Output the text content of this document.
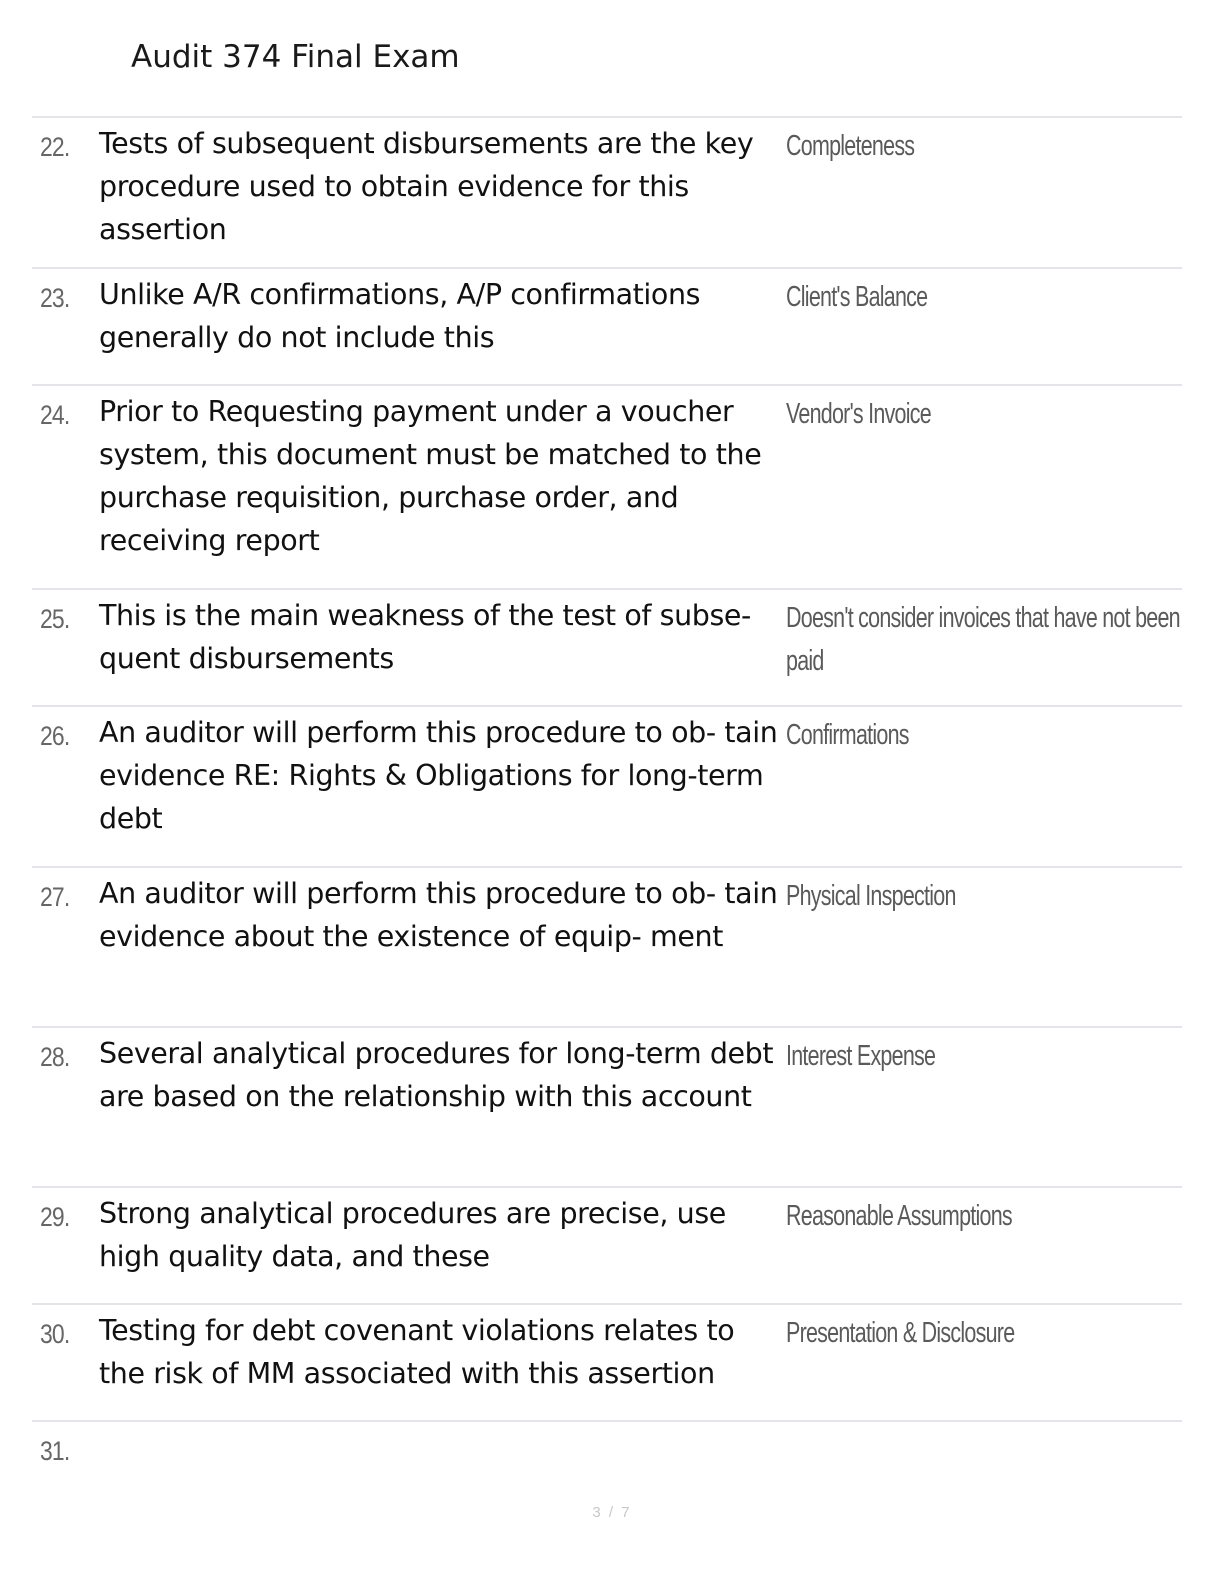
Audit 374 Final Exam
22. Tests of subsequent disbursements are the key procedure used to obtain evidence for this assertion
Completeness
23. Unlike A/R confirmations, A/P confirmations generally do not include this
Client's Balance
24. Prior to Requesting payment under a voucher system, this document must be matched to the purchase requisition, purchase order, and receiving report
Vendor's Invoice
25. This is the main weakness of the test of subse- quent disbursements
Doesn't consider invoices that have not been paid
26. An auditor will perform this procedure to ob- tain evidence RE: Rights & Obligations for long-term debt
Confirmations
27. An auditor will perform this procedure to ob- tain evidence about the existence of equip- ment
Physical Inspection
28. Several analytical procedures for long-term debt are based on the relationship with this account
Interest Expense
29. Strong analytical procedures are precise, use high quality data, and these
Reasonable Assumptions
30. Testing for debt covenant violations relates to the risk of MM associated with this assertion
Presentation & Disclosure
31.
3 / 7
